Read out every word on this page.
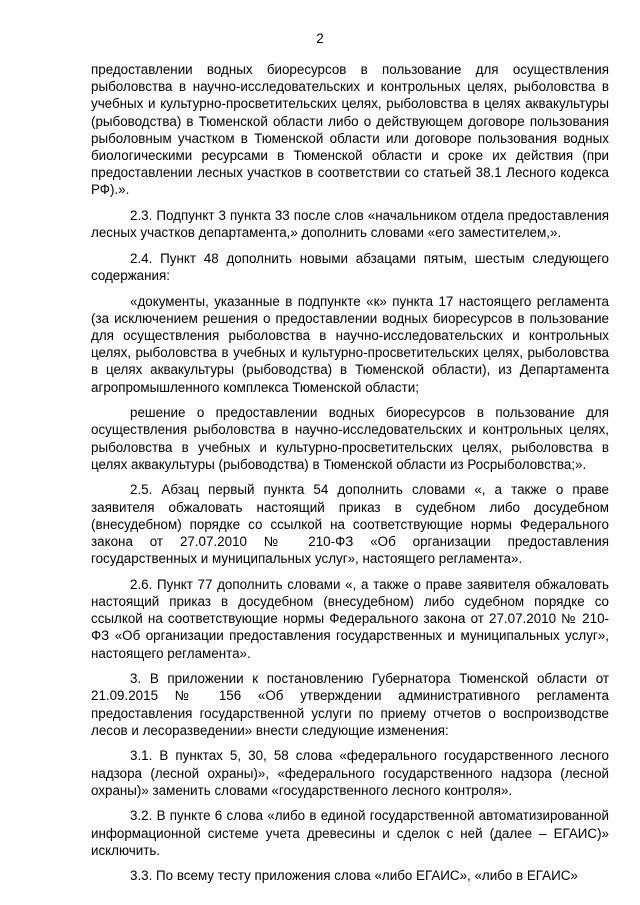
2

предоставлении водных биоресурсов в пользование для осуществления рыболовства в научно-исследовательских и контрольных целях, рыболовства в учебных и культурно-просветительских целях, рыболовства в целях аквакультуры (рыбоводства) в Тюменской области либо о действующем договоре пользования рыболовным участком в Тюменской области или договоре пользования водных биологическими ресурсами в Тюменской области и сроке их действия (при предоставлении лесных участков в соответствии со статьей 38.1 Лесного кодекса РФ).».

2.3. Подпункт 3 пункта 33 после слов «начальником отдела предоставления лесных участков департамента,» дополнить словами «его заместителем,».

2.4. Пункт 48 дополнить новыми абзацами пятым, шестым следующего содержания:

«документы, указанные в подпункте «к» пункта 17 настоящего регламента (за исключением решения о предоставлении водных биоресурсов в пользование для осуществления рыболовства в научно-исследовательских и контрольных целях, рыболовства в учебных и культурно-просветительских целях, рыболовства в целях аквакультуры (рыбоводства) в Тюменской области), из Департамента агропромышленного комплекса Тюменской области;

решение о предоставлении водных биоресурсов в пользование для осуществления рыболовства в научно-исследовательских и контрольных целях, рыболовства в учебных и культурно-просветительских целях, рыболовства в целях аквакультуры (рыбоводства) в Тюменской области из Росрыболовства;».

2.5. Абзац первый пункта 54 дополнить словами «, а также о праве заявителя обжаловать настоящий приказ в судебном либо досудебном (внесудебном) порядке со ссылкой на соответствующие нормы Федерального закона от 27.07.2010 № 210-ФЗ «Об организации предоставления государственных и муниципальных услуг», настоящего регламента».

2.6. Пункт 77 дополнить словами «, а также о праве заявителя обжаловать настоящий приказ в досудебном (внесудебном) либо судебном порядке со ссылкой на соответствующие нормы Федерального закона от 27.07.2010 № 210-ФЗ «Об организации предоставления государственных и муниципальных услуг», настоящего регламента».

3. В приложении к постановлению Губернатора Тюменской области от 21.09.2015 № 156 «Об утверждении административного регламента предоставления государственной услуги по приему отчетов о воспроизводстве лесов и лесоразведении» внести следующие изменения:

3.1. В пунктах 5, 30, 58 слова «федерального государственного лесного надзора (лесной охраны)», «федерального государственного надзора (лесной охраны)» заменить словами «государственного лесного контроля».

3.2. В пункте 6 слова «либо в единой государственной автоматизированной информационной системе учета древесины и сделок с ней (далее – ЕГАИС)» исключить.

3.3. По всему тесту приложения слова «либо ЕГАИС», «либо в ЕГАИС»
